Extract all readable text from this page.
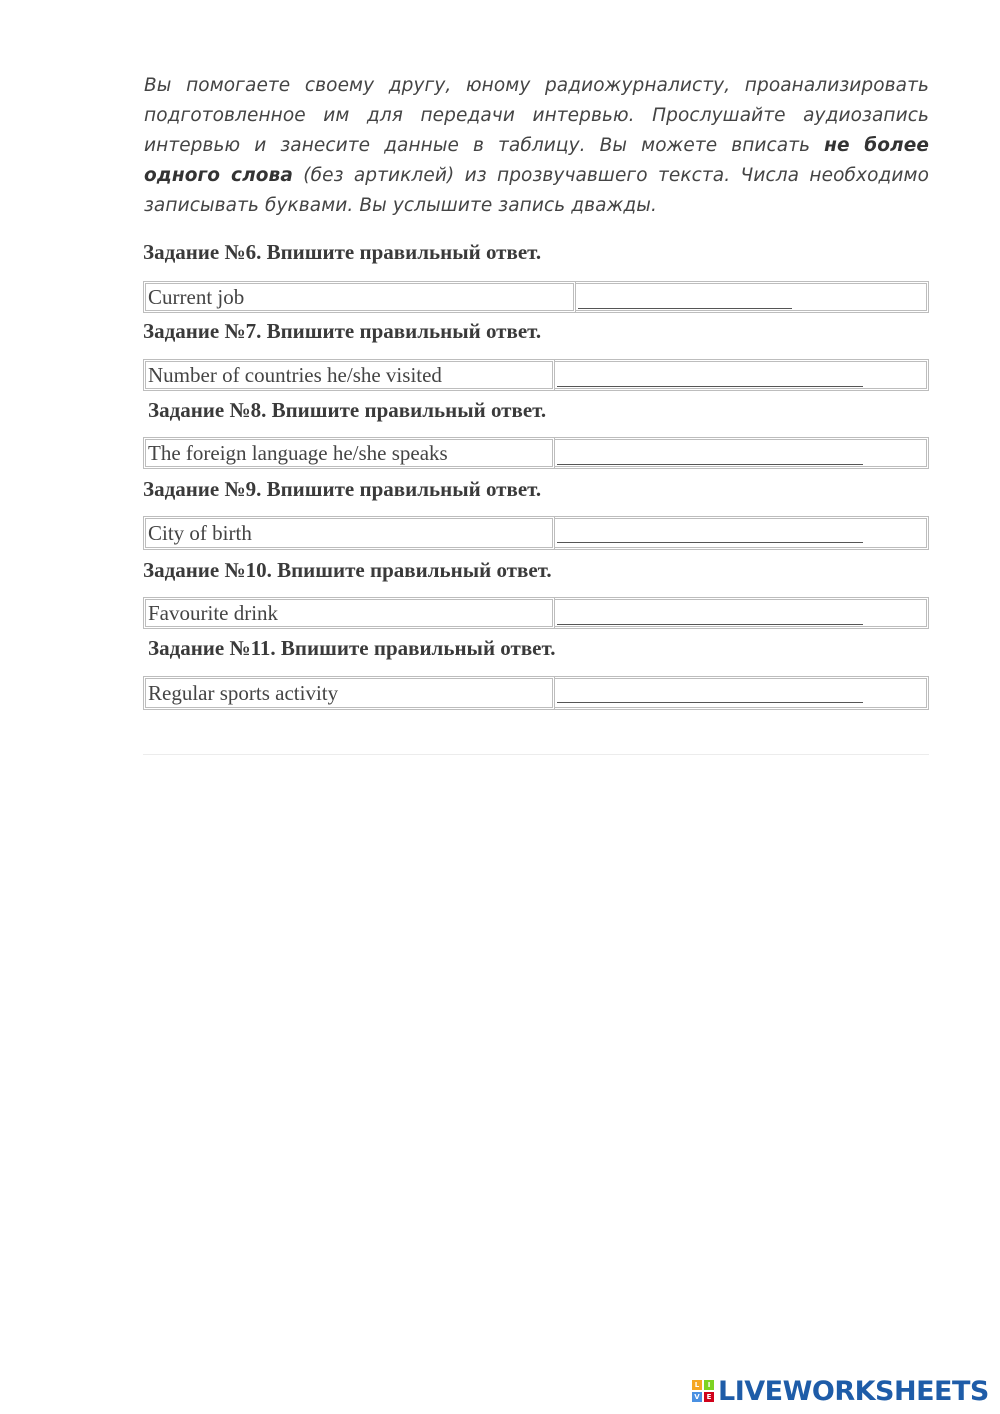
Вы помогаете своему другу, юному радиожурналисту, проанализировать подготовленное им для передачи интервью. Прослушайте аудиозапись интервью и занесите данные в таблицу. Вы можете вписать не более одного слова (без артиклей) из прозвучавшего текста. Числа необходимо записывать буквами. Вы услышите запись дважды.
Задание №6. Впишите правильный ответ.
Current job
Задание №7. Впишите правильный ответ.
Number of countries he/she visited
Задание №8. Впишите правильный ответ.
The foreign language he/she speaks
Задание №9. Впишите правильный ответ.
City of birth
Задание №10. Впишите правильный ответ.
Favourite drink
Задание №11. Впишите правильный ответ.
Regular sports activity
L	I
V E LIVEWORKSHEETS
